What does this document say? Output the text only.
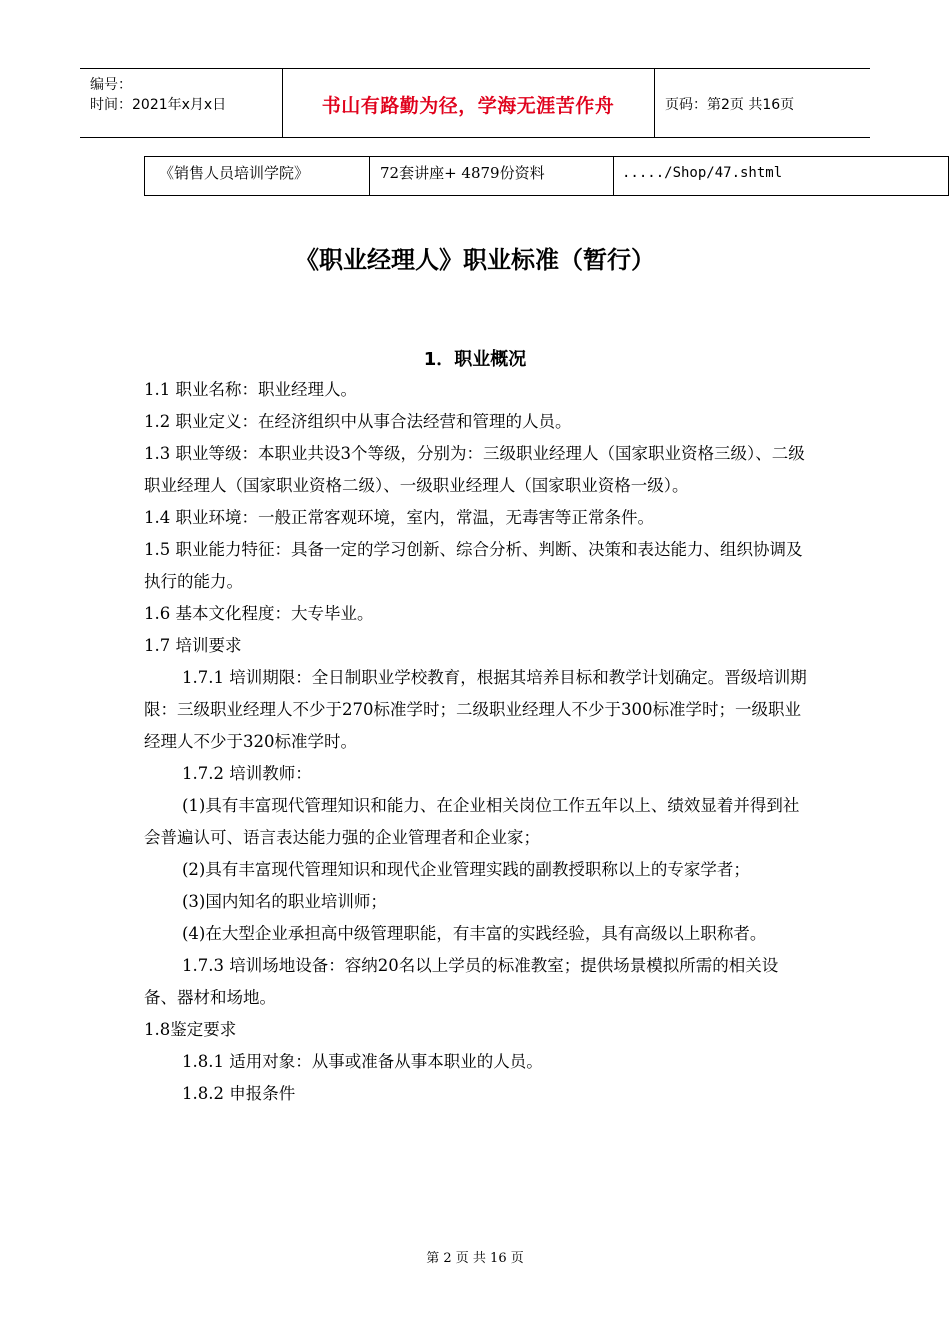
编号：
时间：2021年x月x日	书山有路勤为径，学海无涯苦作舟	页码：第2页 共16页
《销售人员培训学院》	72套讲座+ 4879份资料	...../Shop/47.shtml
《职业经理人》职业标准（暂行）
1．职业概况

1.1 职业名称：职业经理人。

1.2 职业定义：在经济组织中从事合法经营和管理的人员。

1.3 职业等级：本职业共设3个等级，分别为：三级职业经理人（国家职业资格三级）、二级职业经理人（国家职业资格二级）、一级职业经理人（国家职业资格一级）。

1.4 职业环境：一般正常客观环境，室内，常温，无毒害等正常条件。

1.5 职业能力特征：具备一定的学习创新、综合分析、判断、决策和表达能力、组织协调及执行的能力。

1.6 基本文化程度：大专毕业。

1.7 培训要求

1.7.1 培训期限：全日制职业学校教育，根据其培养目标和教学计划确定。晋级培训期限：三级职业经理人不少于270标准学时；二级职业经理人不少于300标准学时；一级职业经理人不少于320标准学时。

1.7.2 培训教师：

(1)具有丰富现代管理知识和能力、在企业相关岗位工作五年以上、绩效显着并得到社会普遍认可、语言表达能力强的企业管理者和企业家；

(2)具有丰富现代管理知识和现代企业管理实践的副教授职称以上的专家学者；

(3)国内知名的职业培训师；

(4)在大型企业承担高中级管理职能，有丰富的实践经验，具有高级以上职称者。

1.7.3 培训场地设备：容纳20名以上学员的标准教室；提供场景模拟所需的相关设备、器材和场地。

1.8鉴定要求

1.8.1 适用对象：从事或准备从事本职业的人员。

1.8.2 申报条件

第 2 页 共 16 页
